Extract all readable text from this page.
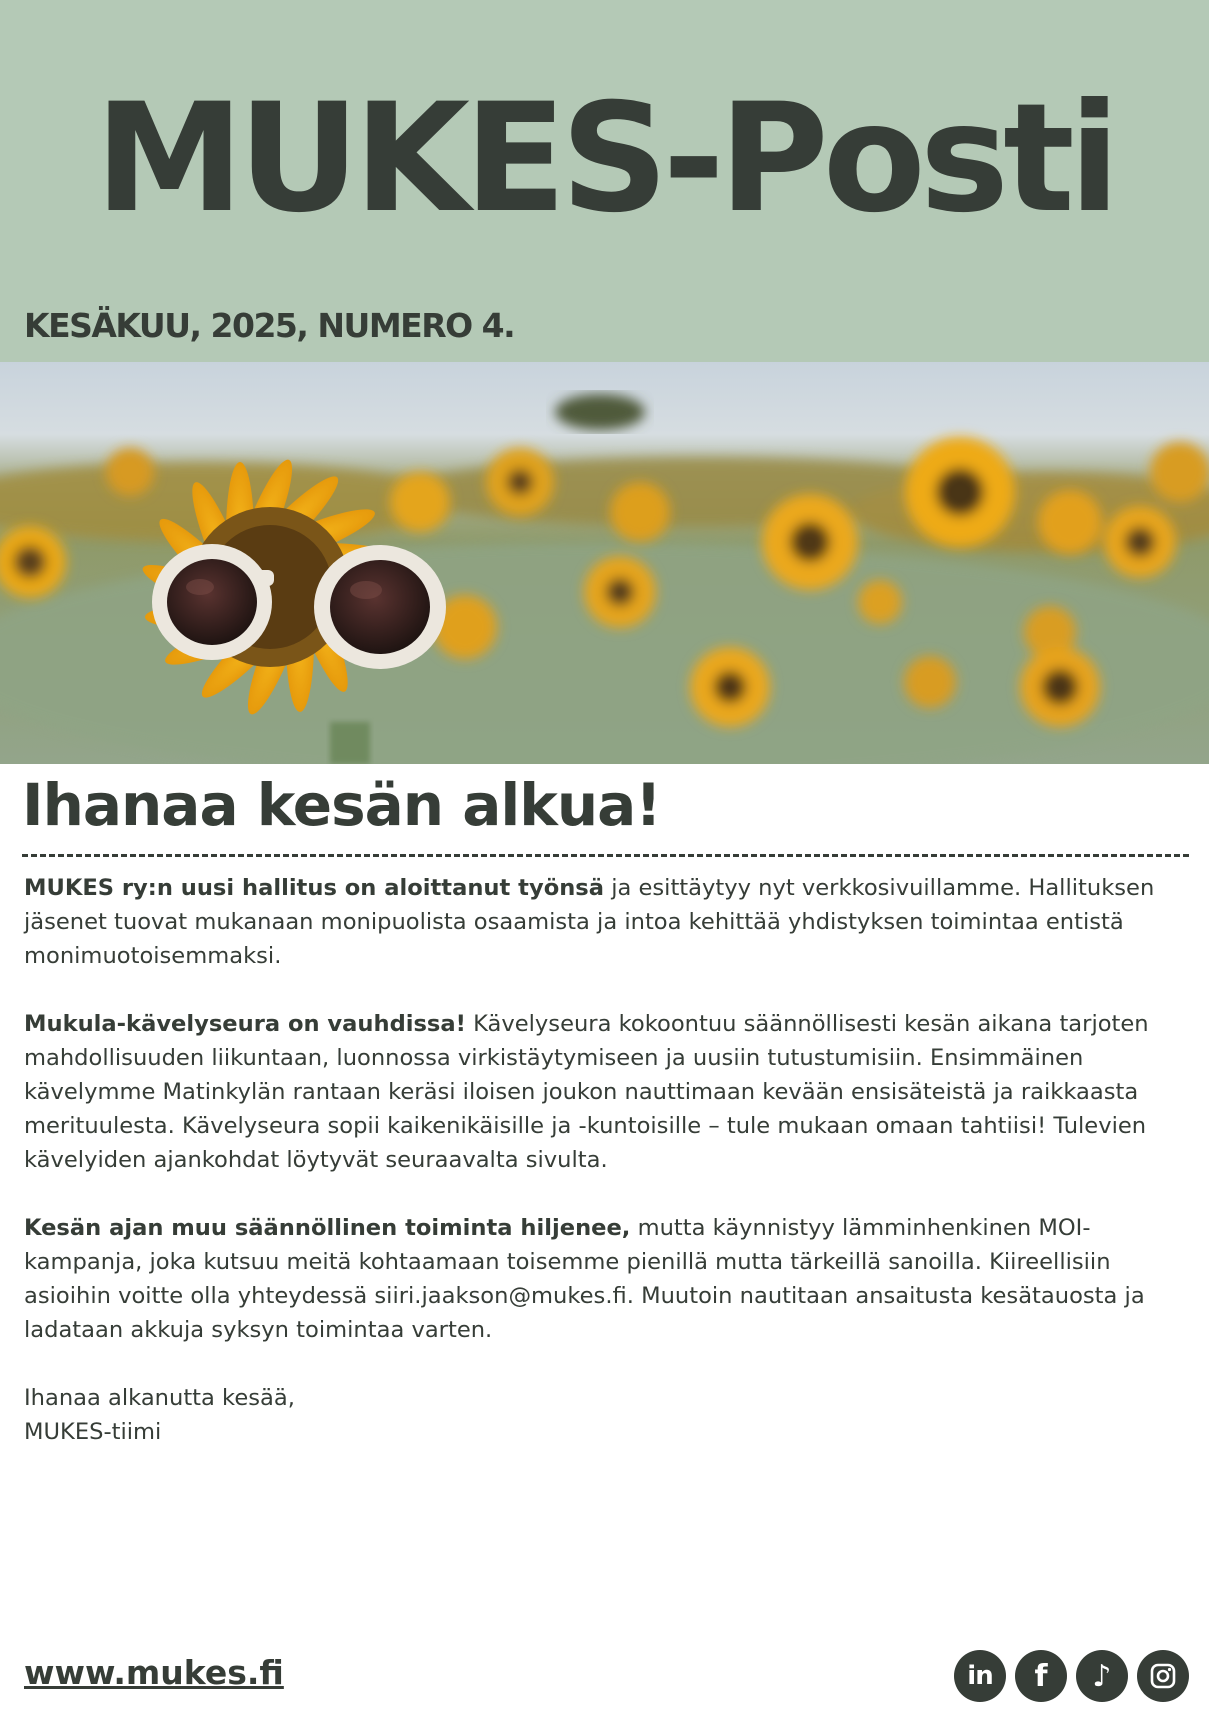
MUKES-Posti
KESÄKUU, 2025, NUMERO 4.
Ihanaa kesän alkua!

MUKES ry:n uusi hallitus on aloittanut työnsä ja esittäytyy nyt verkkosivuillamme. Hallituksen jäsenet tuovat mukanaan monipuolista osaamista ja intoa kehittää yhdistyksen toimintaa entistä monimuotoisemmaksi.

Mukula-kävelyseura on vauhdissa! Kävelyseura kokoontuu säännöllisesti kesän aikana tarjoten mahdollisuuden liikuntaan, luonnossa virkistäytymiseen ja uusiin tutustumisiin. Ensimmäinen kävelymme Matinkylän rantaan keräsi iloisen joukon nauttimaan kevään ensisäteistä ja raikkaasta merituulesta. Kävelyseura sopii kaikenikäisille ja -kuntoisille – tule mukaan omaan tahtiisi! Tulevien kävelyiden ajankohdat löytyvät seuraavalta sivulta.

Kesän ajan muu säännöllinen toiminta hiljenee, mutta käynnistyy lämminhenkinen MOI-kampanja, joka kutsuu meitä kohtaamaan toisemme pienillä mutta tärkeillä sanoilla. Kiireellisiin asioihin voitte olla yhteydessä siiri.jaakson@mukes.fi. Muutoin nautitaan ansaitusta kesätauosta ja ladataan akkuja syksyn toimintaa varten.

Ihanaa alkanutta kesää,
MUKES-tiimi
www.mukes.fi	in f ♪
